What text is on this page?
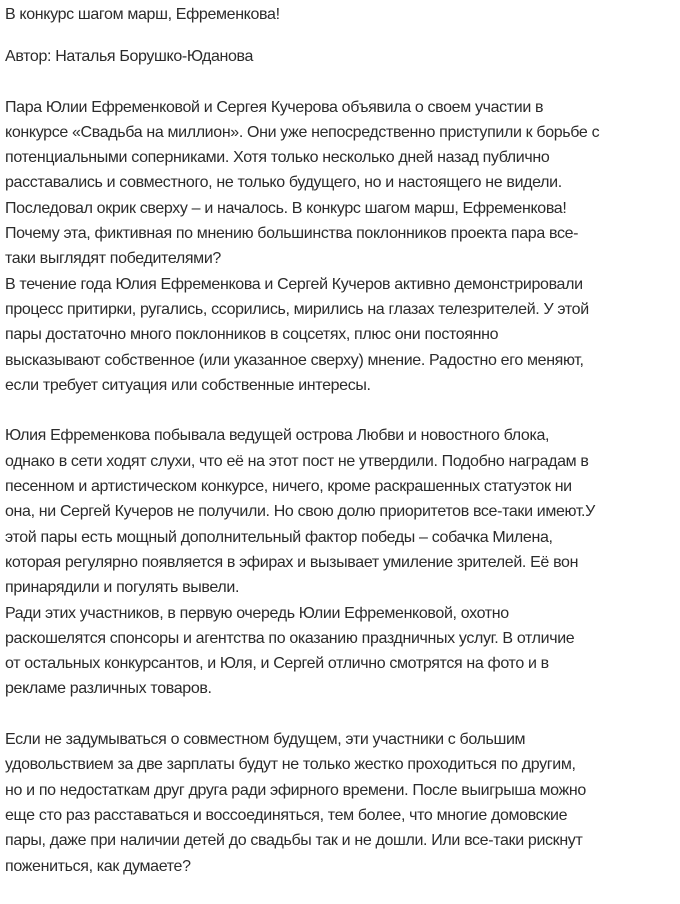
В конкурс шагом марш, Ефременкова!
Автор: Наталья Борушко-Юданова
Пара Юлии Ефременковой и Сергея Кучерова объявила о своем участии в
конкурсе «Свадьба на миллион». Они уже непосредственно приступили к борьбе с
потенциальными соперниками. Хотя только несколько дней назад публично
расставались и совместного, не только будущего, но и настоящего не видели.
Последовал окрик сверху – и началось. В конкурс шагом марш, Ефременкова!
Почему эта, фиктивная по мнению большинства поклонников проекта пара все-
таки выглядят победителями?
В течение года Юлия Ефременкова и Сергей Кучеров активно демонстрировали
процесс притирки, ругались, ссорились, мирились на глазах телезрителей. У этой
пары достаточно много поклонников в соцсетях, плюс они постоянно
высказывают собственное (или указанное сверху) мнение. Радостно его меняют,
если требует ситуация или собственные интересы.
Юлия Ефременкова побывала ведущей острова Любви и новостного блока,
однако в сети ходят слухи, что её на этот пост не утвердили. Подобно наградам в
песенном и артистическом конкурсе, ничего, кроме раскрашенных статуэток ни
она, ни Сергей Кучеров не получили. Но свою долю приоритетов все-таки имеют.У
этой пары есть мощный дополнительный фактор победы – собачка Милена,
которая регулярно появляется в эфирах и вызывает умиление зрителей. Её вон
принарядили и погулять вывели.
Ради этих участников, в первую очередь Юлии Ефременковой, охотно
раскошелятся спонсоры и агентства по оказанию праздничных услуг. В отличие
от остальных конкурсантов, и Юля, и Сергей отлично смотрятся на фото и в
рекламе различных товаров.
Если не задумываться о совместном будущем, эти участники с большим
удовольствием за две зарплаты будут не только жестко проходиться по другим,
но и по недостаткам друг друга ради эфирного времени. После выигрыша можно
еще сто раз расставаться и воссоединяться, тем более, что многие домовские
пары, даже при наличии детей до свадьбы так и не дошли. Или все-таки рискнут
пожениться, как думаете?
